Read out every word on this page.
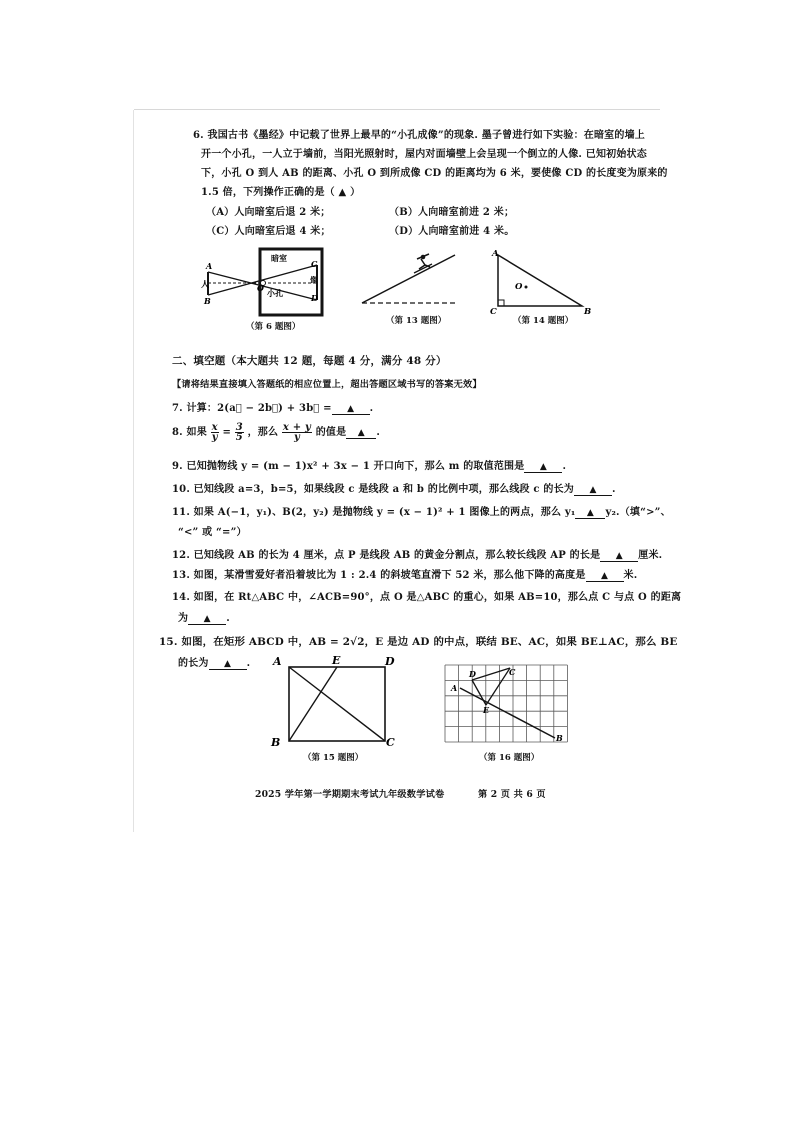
6. 我国古书《墨经》中记载了世界上最早的“小孔成像”的现象. 墨子曾进行如下实验：在暗室的墙上
开一个小孔，一人立于墙前，当阳光照射时，屋内对面墙壁上会呈现一个倒立的人像. 已知初始状态
下，小孔 O 到人 AB 的距离、小孔 O 到所成像 CD 的距离均为 6 米，要使像 CD 的长度变为原来的
1.5 倍，下列操作正确的是（ ▲ ）
（A）人向暗室后退 2 米；	（B）人向暗室前进 2 米；
（C）人向暗室后退 4 米；	（D）人向暗室前进 4 米。
A
B
人	O
暗室
小孔
像
C
D
（第 6 题图）
（第 13 题图）
A
C	B
O
（第 14 题图）
二、填空题（本大题共 12 题，每题 4 分，满分 48 分）
【请将结果直接填入答题纸的相应位置上，超出答题区域书写的答案无效】
7. 计算：2(a⃗ − 2b⃗) + 3b⃗ = ▲ .
8. 如果 $\frac{x}{y} = \frac{3}{5}$ ，那么 $\frac{x + y}{y}$ 的值是 ▲ .
9. 已知抛物线 y = (m − 1)x² + 3x − 1 开口向下，那么 m 的取值范围是 ▲ .
10. 已知线段 a=3，b=5，如果线段 c 是线段 a 和 b 的比例中项，那么线段 c 的长为 ▲ .
11. 如果 A(−1，y₁)、B(2，y₂) 是抛物线 y = (x − 1)² + 1 图像上的两点，那么 y₁ ▲ y₂.（填“>”、
“<” 或 “=”）
12. 已知线段 AB 的长为 4 厘米，点 P 是线段 AB 的黄金分割点，那么较长线段 AP 的长是 ▲ 厘米.
13. 如图，某滑雪爱好者沿着坡比为 1 : 2.4 的斜坡笔直滑下 52 米，那么他下降的高度是 ▲ 米.
14. 如图，在 Rt△ABC 中，∠ACB=90°，点 O 是△ABC 的重心，如果 AB=10，那么点 C 与点 O 的距离
为 ▲ .
15. 如图，在矩形 ABCD 中，AB = 2√2，E 是边 AD 的中点，联结 BE、AC，如果 BE⊥AC，那么 BE
的长为 ▲ . A	E	D
B	C
（第 15 题图）
A
D	C
E
B
（第 16 题图）
2025 学年第一学期期末考试九年级数学试卷	第 2 页 共 6 页
